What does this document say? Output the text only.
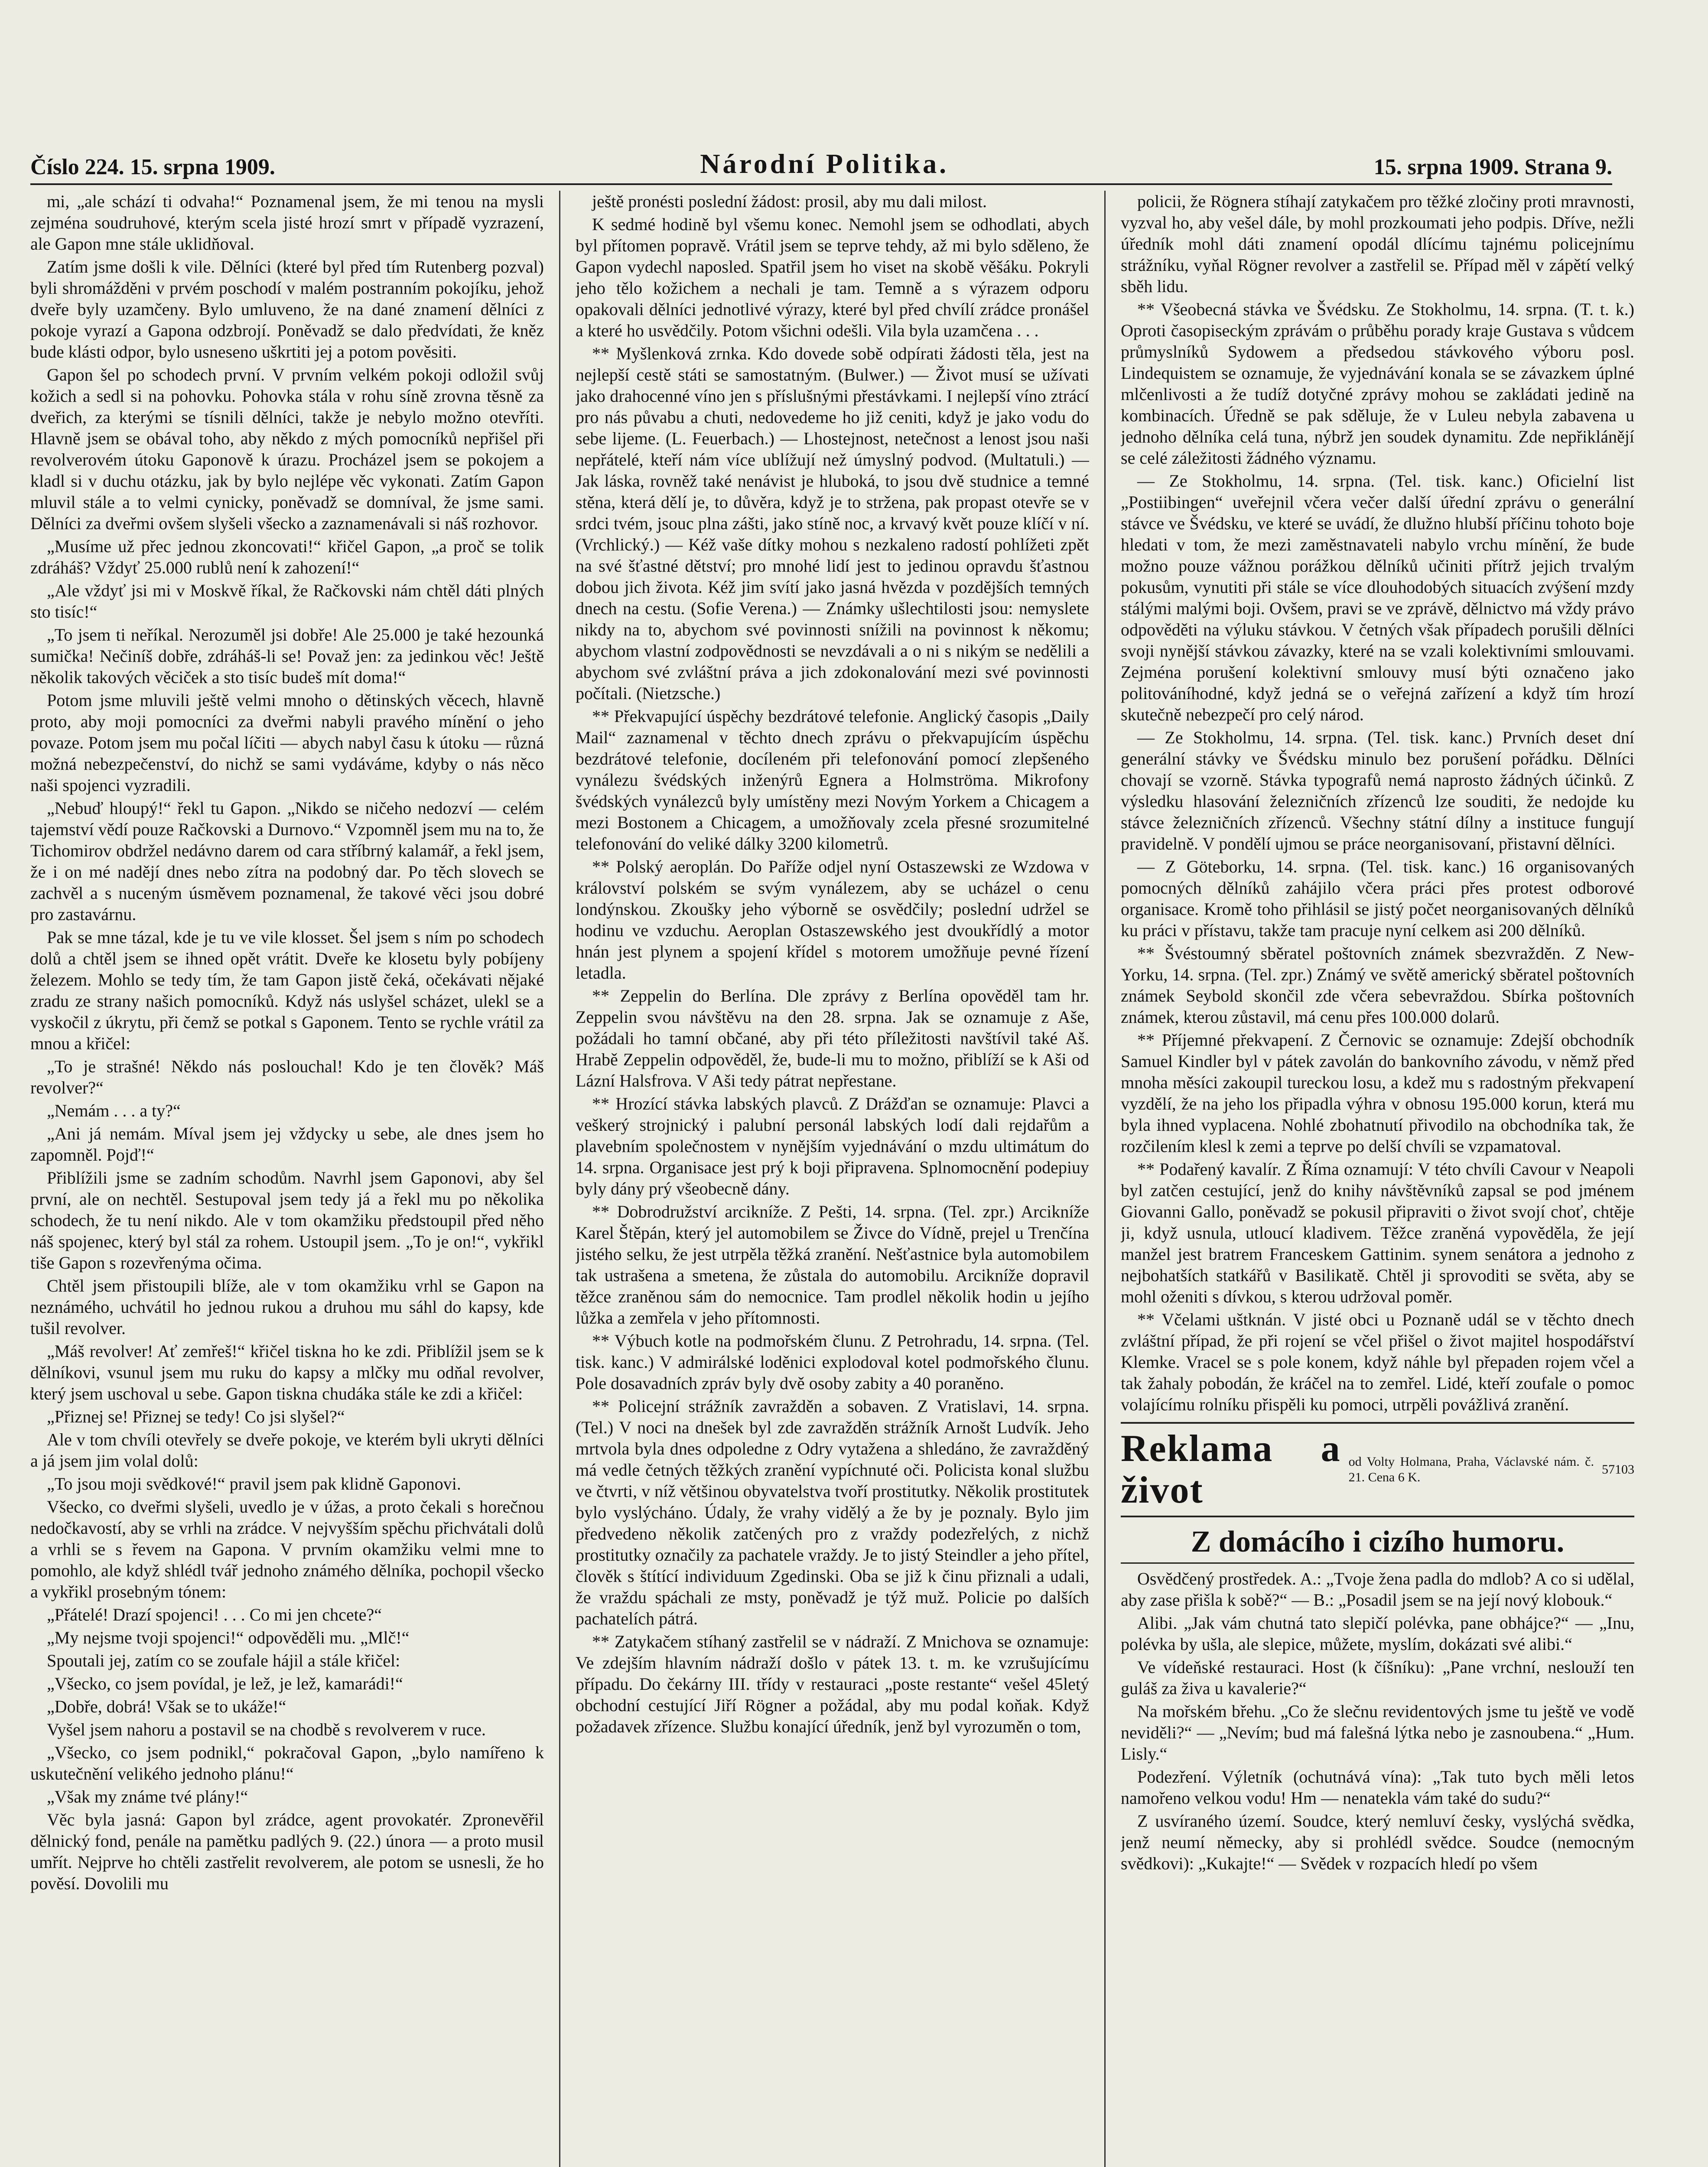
Číslo 224. 15. srpna 1909.	Národní Politika.	15. srpna 1909. Strana 9.

mi, „ale schází ti odvaha!“ Poznamenal jsem, že mi tenou na mysli zejména soudruhové, kterým scela jisté hrozí smrt v případě vyzrazení, ale Gapon mne stále uklidňoval.

Zatím jsme došli k vile. Dělníci (které byl před tím Rutenberg pozval) byli shromážděni v prvém poschodí v malém postranním pokojíku, jehož dveře byly uzamčeny. Bylo umluveno, že na dané znamení dělníci z pokoje vyrazí a Gapona odzbrojí. Poněvadž se dalo předvídati, že kněz bude klásti odpor, bylo usneseno uškrtiti jej a potom pověsiti.

Gapon šel po schodech první. V prvním velkém pokoji odložil svůj kožich a sedl si na pohovku. Pohovka stála v rohu síně zrovna těsně za dveřich, za kterými se tísnili dělníci, takže je nebylo možno otevříti. Hlavně jsem se obával toho, aby někdo z mých pomocníků nepřišel při revolverovém útoku Gaponově k úrazu. Procházel jsem se pokojem a kladl si v duchu otázku, jak by bylo nejlépe věc vykonati. Zatím Gapon mluvil stále a to velmi cynicky, poněvadž se domníval, že jsme sami. Dělníci za dveřmi ovšem slyšeli všecko a zaznamenávali si náš rozhovor.

„Musíme už přec jednou zkoncovati!“ křičel Gapon, „a proč se tolik zdráháš? Vždyť 25.000 rublů není k zahození!“

„Ale vždyť jsi mi v Moskvě říkal, že Račkovski nám chtěl dáti plných sto tisíc!“

„To jsem ti neříkal. Nerozuměl jsi dobře! Ale 25.000 je také hezounká sumička! Nečiníš dobře, zdráháš-li se! Považ jen: za jedinkou věc! Ještě několik takových věciček a sto tisíc budeš mít doma!“

Potom jsme mluvili ještě velmi mnoho o dětinských věcech, hlavně proto, aby moji pomocníci za dveřmi nabyli pravého mínění o jeho povaze. Potom jsem mu počal líčiti — abych nabyl času k útoku — různá možná nebezpečenství, do nichž se sami vydáváme, kdyby o nás něco naši spojenci vyzradili.

„Nebuď hloupý!“ řekl tu Gapon. „Nikdo se ničeho nedozví — celém tajemství vědí pouze Račkovski a Durnovo.“ Vzpomněl jsem mu na to, že Tichomirov obdržel nedávno darem od cara stříbrný kalamář, a řekl jsem, že i on mé nadějí dnes nebo zítra na podobný dar. Po těch slovech se zachvěl a s nuceným úsměvem poznamenal, že takové věci jsou dobré pro zastavárnu.

Pak se mne tázal, kde je tu ve vile klosset. Šel jsem s ním po schodech dolů a chtěl jsem se ihned opět vrátit. Dveře ke klosetu byly pobíjeny železem. Mohlo se tedy tím, že tam Gapon jistě čeká, očekávati nějaké zradu ze strany našich pomocníků. Když nás uslyšel scházet, ulekl se a vyskočil z úkrytu, při čemž se potkal s Gaponem. Tento se rychle vrátil za mnou a křičel:

„To je strašné! Někdo nás poslouchal! Kdo je ten člověk? Máš revolver?“

„Nemám . . . a ty?“

„Ani já nemám. Míval jsem jej vždycky u sebe, ale dnes jsem ho zapomněl. Pojď!“

Přiblížili jsme se zadním schodům. Navrhl jsem Gaponovi, aby šel první, ale on nechtěl. Sestupoval jsem tedy já a řekl mu po několika schodech, že tu není nikdo. Ale v tom okamžiku předstoupil před něho náš spojenec, který byl stál za rohem. Ustoupil jsem. „To je on!“, vykřikl tiše Gapon s rozevřenýma očima.

Chtěl jsem přistoupili blíže, ale v tom okamžiku vrhl se Gapon na neznámého, uchvátil ho jednou rukou a druhou mu sáhl do kapsy, kde tušil revolver.

„Máš revolver! Ať zemřeš!“ křičel tiskna ho ke zdi. Přiblížil jsem se k dělníkovi, vsunul jsem mu ruku do kapsy a mlčky mu odňal revolver, který jsem uschoval u sebe. Gapon tiskna chudáka stále ke zdi a křičel:

„Přiznej se! Přiznej se tedy! Co jsi slyšel?“

Ale v tom chvíli otevřely se dveře pokoje, ve kterém byli ukryti dělníci a já jsem jim volal dolů:

„To jsou moji svědkové!“ pravil jsem pak klidně Gaponovi.

Všecko, co dveřmi slyšeli, uvedlo je v úžas, a proto čekali s horečnou nedočkavostí, aby se vrhli na zrádce. V nejvyšším spěchu přichvátali dolů a vrhli se s řevem na Gapona. V prvním okamžiku velmi mne to pomohlo, ale když shlédl tvář jednoho známého dělníka, pochopil všecko a vykřikl prosebným tónem:

„Přátelé! Drazí spojenci! . . . Co mi jen chcete?“

„My nejsme tvoji spojenci!“ odpověděli mu. „Mlč!“

Spoutali jej, zatím co se zoufale hájil a stále křičel:

„Všecko, co jsem povídal, je lež, je lež, kamarádi!“

„Dobře, dobrá! Však se to ukáže!“

Vyšel jsem nahoru a postavil se na chodbě s revolverem v ruce.

„Všecko, co jsem podnikl,“ pokračoval Gapon, „bylo namířeno k uskutečnění velikého jednoho plánu!“

„Však my známe tvé plány!“

Věc byla jasná: Gapon byl zrádce, agent provokatér. Zpronevěřil dělnický fond, penále na pamětku padlých 9. (22.) února — a proto musil umřít. Nejprve ho chtěli zastřelit revolverem, ale potom se usnesli, že ho pověsí. Dovolili mu

ještě pronésti poslední žádost: prosil, aby mu dali milost.

K sedmé hodině byl všemu konec. Nemohl jsem se odhodlati, abych byl přítomen popravě. Vrátil jsem se teprve tehdy, až mi bylo sděleno, že Gapon vydechl naposled. Spatřil jsem ho viset na skobě věšáku. Pokryli jeho tělo kožichem a nechali je tam. Temně a s výrazem odporu opakovali dělníci jednotlivé výrazy, které byl před chvílí zrádce pronášel a které ho usvědčily. Potom všichni odešli. Vila byla uzamčena . . .

** Myšlenková zrnka. Kdo dovede sobě odpírati žádosti těla, jest na nejlepší cestě státi se samostatným. (Bulwer.) — Život musí se užívati jako drahocenné víno jen s příslušnými přestávkami. I nejlepší víno ztrácí pro nás půvabu a chuti, nedovedeme ho již ceniti, když je jako vodu do sebe lijeme. (L. Feuerbach.) — Lhostejnost, netečnost a lenost jsou naši nepřátelé, kteří nám více ublížují než úmyslný podvod. (Multatuli.) — Jak láska, rovněž také nenávist je hluboká, to jsou dvě studnice a temné stěna, která dělí je, to důvěra, když je to stržena, pak propast otevře se v srdci tvém, jsouc plna zášti, jako stíně noc, a krvavý květ pouze klíčí v ní. (Vrchlický.) — Kéž vaše dítky mohou s nezkaleno radostí pohlížeti zpět na své šťastné dětství; pro mnohé lidí jest to jedinou opravdu šťastnou dobou jich života. Kéž jim svítí jako jasná hvězda v pozdějších temných dnech na cestu. (Sofie Verena.) — Známky ušlechtilosti jsou: nemyslete nikdy na to, abychom své povinnosti snížili na povinnost k někomu; abychom vlastní zodpovědnosti se nevzdávali a o ni s nikým se nedělili a abychom své zvláštní práva a jich zdokonalování mezi své povinnosti počítali. (Nietzsche.)

** Překvapující úspěchy bezdrátové telefonie. Anglický časopis „Daily Mail“ zaznamenal v těchto dnech zprávu o překvapujícím úspěchu bezdrátové telefonie, docíleném při telefonování pomocí zlepšeného vynálezu švédských inženýrů Egnera a Holmströma. Mikrofony švédských vynálezců byly umístěny mezi Novým Yorkem a Chicagem a mezi Bostonem a Chicagem, a umožňovaly zcela přesné srozumitelné telefonování do veliké dálky 3200 kilometrů.

** Polský aeroplán. Do Paříže odjel nyní Ostaszewski ze Wzdowa v království polském se svým vynálezem, aby se ucházel o cenu londýnskou. Zkoušky jeho výborně se osvědčily; poslední udržel se hodinu ve vzduchu. Aeroplan Ostaszewského jest dvoukřídlý a motor hnán jest plynem a spojení křídel s motorem umožňuje pevné řízení letadla.

** Zeppelin do Berlína. Dle zprávy z Berlína opověděl tam hr. Zeppelin svou návštěvu na den 28. srpna. Jak se oznamuje z Aše, požádali ho tamní občané, aby při této příležitosti navštívil také Aš. Hrabě Zeppelin odpověděl, že, bude-li mu to možno, přiblíží se k Aši od Lázní Halsfrova. V Aši tedy pátrat nepřestane.

** Hrozící stávka labských plavců. Z Drážďan se oznamuje: Plavci a veškerý strojnický i palubní personál labských lodí dali rejdařům a plavebním společnostem v nynějším vyjednávání o mzdu ultimátum do 14. srpna. Organisace jest prý k boji připravena. Splnomocnění podepiuy byly dány prý všeobecně dány.

** Dobrodružství arcikníže. Z Pešti, 14. srpna. (Tel. zpr.) Arcikníže Karel Štěpán, který jel automobilem se Živce do Vídně, prejel u Trenčína jistého selku, že jest utrpěla těžká zranění. Nešťastnice byla automobilem tak ustrašena a smetena, že zůstala do automobilu. Arcikníže dopravil těžce zraněnou sám do nemocnice. Tam prodlel několik hodin u jejího lůžka a zemřela v jeho přítomnosti.

** Výbuch kotle na podmořském člunu. Z Petrohradu, 14. srpna. (Tel. tisk. kanc.) V admirálské loděnici explodoval kotel podmořského člunu. Pole dosavadních zpráv byly dvě osoby zabity a 40 poraněno.

** Policejní strážník zavražděn a sobaven. Z Vratislavi, 14. srpna. (Tel.) V noci na dnešek byl zde zavražděn strážník Arnošt Ludvík. Jeho mrtvola byla dnes odpoledne z Odry vytažena a shledáno, že zavražděný má vedle četných těžkých zranění vypíchnuté oči. Policista konal službu ve čtvrti, v níž většinou obyvatelstva tvoří prostitutky. Několik prostitutek bylo vyslýcháno. Údaly, že vrahy vidělý a že by je poznaly. Bylo jim předvedeno několik zatčených pro z vraždy podezřelých, z nichž prostitutky označily za pachatele vraždy. Je to jistý Steindler a jeho přítel, člověk s štítící individuum Zgedinski. Oba se již k činu přiznali a udali, že vraždu spáchali ze msty, poněvadž je týž muž. Policie po dalších pachatelích pátrá.

** Zatykačem stíhaný zastřelil se v nádraží. Z Mnichova se oznamuje: Ve zdejším hlavním nádraží došlo v pátek 13. t. m. ke vzrušujícímu případu. Do čekárny III. třídy v restauraci „poste restante“ vešel 45letý obchodní cestující Jiří Rögner a požádal, aby mu podal koňak. Když požadavek zřízence. Službu konající úředník, jenž byl vyrozuměn o tom,

policii, že Rögnera stíhají zatykačem pro těžké zločiny proti mravnosti, vyzval ho, aby vešel dále, by mohl prozkoumati jeho podpis. Dříve, nežli úředník mohl dáti znamení opodál dlícímu tajnému policejnímu strážníku, vyňal Rögner revolver a zastřelil se. Případ měl v zápětí velký sběh lidu.

** Všeobecná stávka ve Švédsku. Ze Stokholmu, 14. srpna. (T. t. k.) Oproti časopiseckým zprávám o průběhu porady kraje Gustava s vůdcem průmyslníků Sydowem a předsedou stávkového výboru posl. Lindequistem se oznamuje, že vyjednávání konala se se závazkem úplné mlčenlivosti a že tudíž dotyčné zprávy mohou se zakládati jedině na kombinacích. Úředně se pak sděluje, že v Luleu nebyla zabavena u jednoho dělníka celá tuna, nýbrž jen soudek dynamitu. Zde nepřiklánějí se celé záležitosti žádného významu.

— Ze Stokholmu, 14. srpna. (Tel. tisk. kanc.) Oficielní list „Postiibingen“ uveřejnil včera večer další úřední zprávu o generální stávce ve Švédsku, ve které se uvádí, že dlužno hlubší příčinu tohoto boje hledati v tom, že mezi zaměstnavateli nabylo vrchu mínění, že bude možno pouze vážnou porážkou dělníků učiniti přítrž jejich trvalým pokusům, vynutiti při stále se více dlouhodobých situacích zvýšení mzdy stálými malými boji. Ovšem, pravi se ve zprávě, dělnictvo má vždy právo odpověděti na výluku stávkou. V četných však případech porušili dělníci svoji nynější stávkou závazky, které na se vzali kolektivními smlouvami. Zejména porušení kolektivní smlouvy musí býti označeno jako politováníhodné, když jedná se o veřejná zařízení a když tím hrozí skutečně nebezpečí pro celý národ.

— Ze Stokholmu, 14. srpna. (Tel. tisk. kanc.) Prvních deset dní generální stávky ve Švédsku minulo bez porušení pořádku. Dělníci chovají se vzorně. Stávka typografů nemá naprosto žádných účinků. Z výsledku hlasování železničních zřízenců lze souditi, že nedojde ku stávce železničních zřízenců. Všechny státní dílny a instituce fungují pravidelně. V pondělí ujmou se práce neorganisovaní, přistavní dělníci.

— Z Göteborku, 14. srpna. (Tel. tisk. kanc.) 16 organisovaných pomocných dělníků zahájilo včera práci přes protest odborové organisace. Kromě toho přihlásil se jistý počet neorganisovaných dělníků ku práci v přístavu, takže tam pracuje nyní celkem asi 200 dělníků.

** Švéstoumný sběratel poštovních známek sbezvražděn. Z New-Yorku, 14. srpna. (Tel. zpr.) Známý ve světě americký sběratel poštovních známek Seybold skončil zde včera sebevraždou. Sbírka poštovních známek, kterou zůstavil, má cenu přes 100.000 dolarů.

** Příjemné překvapení. Z Černovic se oznamuje: Zdejší obchodník Samuel Kindler byl v pátek zavolán do bankovního závodu, v němž před mnoha měsíci zakoupil tureckou losu, a kdež mu s radostným překvapení vyzdělí, že na jeho los připadla výhra v obnosu 195.000 korun, která mu byla ihned vyplacena. Nohlé zbohatnutí přivodilo na obchodníka tak, že rozčilením klesl k zemi a teprve po delší chvíli se vzpamatoval.

** Podařený kavalír. Z Říma oznamují: V této chvíli Cavour v Neapoli byl zatčen cestující, jenž do knihy návštěvníků zapsal se pod jménem Giovanni Gallo, poněvadž se pokusil připraviti o život svojí choť, chtěje ji, když usnula, utloucí kladivem. Těžce zraněná vypověděla, že její manžel jest bratrem Franceskem Gattinim. synem senátora a jednoho z nejbohatších statkářů v Basilikatě. Chtěl ji sprovoditi se světa, aby se mohl oženiti s dívkou, s kterou udržoval poměr.

** Včelami uštknán. V jisté obci u Poznaně udál se v těchto dnech zvláštní případ, že při rojení se včel přišel o život majitel hospodářství Klemke. Vracel se s pole konem, když náhle byl přepaden rojem včel a tak žahaly pobodán, že kráčel na to zemřel. Lidé, kteří zoufale o pomoc volajícímu rolníku přispěli ku pomoci, utrpěli povážlivá zranění.

Reklama a život
od Volty Holmana, Praha, Václavské nám. č. 21. Cena 6 K.
57103
Z domácího i cizího humoru.

Osvědčený prostředek. A.: „Tvoje žena padla do mdlob? A co si udělal, aby zase přišla k sobě?“ — B.: „Posadil jsem se na její nový klobouk.“

Alibi. „Jak vám chutná tato slepičí polévka, pane obhájce?“ — „Inu, polévka by ušla, ale slepice, můžete, myslím, dokázati své alibi.“

Ve vídeňské restauraci. Host (k číšníku): „Pane vrchní, neslouží ten guláš za živa u kavalerie?“

Na mořském břehu. „Co že slečnu revidentových jsme tu ještě ve vodě neviděli?“ — „Nevím; bud má falešná lýtka nebo je zasnoubena.“ „Hum. Lisly.“

Podezření. Výletník (ochutnává vína): „Tak tuto bych měli letos namořeno velkou vodu! Hm — nenatekla vám také do sudu?“

Z usvíraného území. Soudce, který nemluví česky, vyslýchá svědka, jenž neumí německy, aby si prohlédl svědce. Soudce (nemocným svědkovi): „Kukajte!“ — Svědek v rozpacích hledí po všem
